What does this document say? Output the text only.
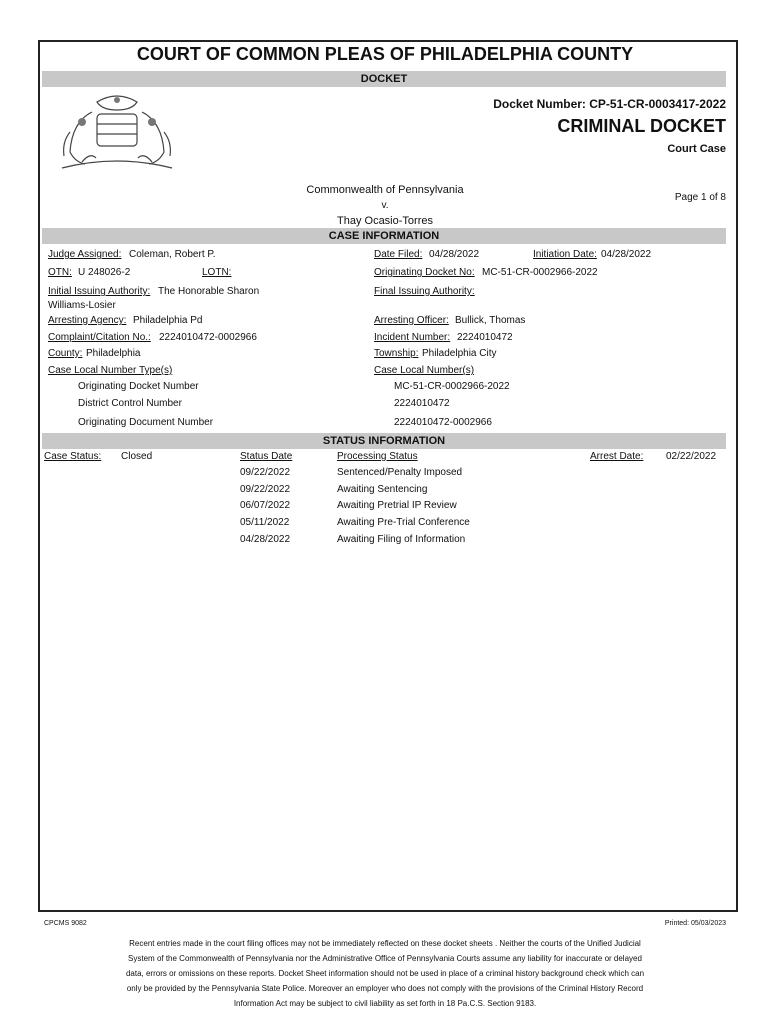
COURT OF COMMON PLEAS OF PHILADELPHIA COUNTY
DOCKET
Docket Number: CP-51-CR-0003417-2022
CRIMINAL DOCKET
Court Case
Commonwealth of Pennsylvania
v.
Thay Ocasio-Torres
Page 1 of 8
CASE INFORMATION
Judge Assigned: Coleman, Robert P.	Date Filed: 04/28/2022	Initiation Date: 04/28/2022
OTN: U 248026-2	LOTN:	Originating Docket No: MC-51-CR-0002966-2022
Initial Issuing Authority: The Honorable Sharon
Williams-Losier
Final Issuing Authority:
Arresting Agency: Philadelphia Pd	Arresting Officer: Bullick, Thomas
Complaint/Citation No.: 2224010472-0002966	Incident Number: 2224010472
County: Philadelphia	Township: Philadelphia City
Case Local Number Type(s)	Case Local Number(s)
Originating Docket Number	MC-51-CR-0002966-2022
District Control Number	2224010472
Originating Document Number	2224010472-0002966
STATUS INFORMATION
Case Status: Closed	Status Date	Processing Status	Arrest Date: 02/22/2022
09/22/2022	Sentenced/Penalty Imposed
09/22/2022	Awaiting Sentencing
06/07/2022	Awaiting Pretrial IP Review
05/11/2022	Awaiting Pre-Trial Conference
04/28/2022	Awaiting Filing of Information
CPCMS 9082	Printed: 05/03/2023
Recent entries made in the court filing offices may not be immediately reflected on these docket sheets . Neither the courts of the Unified Judicial
System of the Commonwealth of Pennsylvania nor the Administrative Office of Pennsylvania Courts assume any liability for inaccurate or delayed
data, errors or omissions on these reports. Docket Sheet information should not be used in place of a criminal history background check which can
only be provided by the Pennsylvania State Police. Moreover an employer who does not comply with the provisions of the Criminal History Record
Information Act may be subject to civil liability as set forth in 18 Pa.C.S. Section 9183.
